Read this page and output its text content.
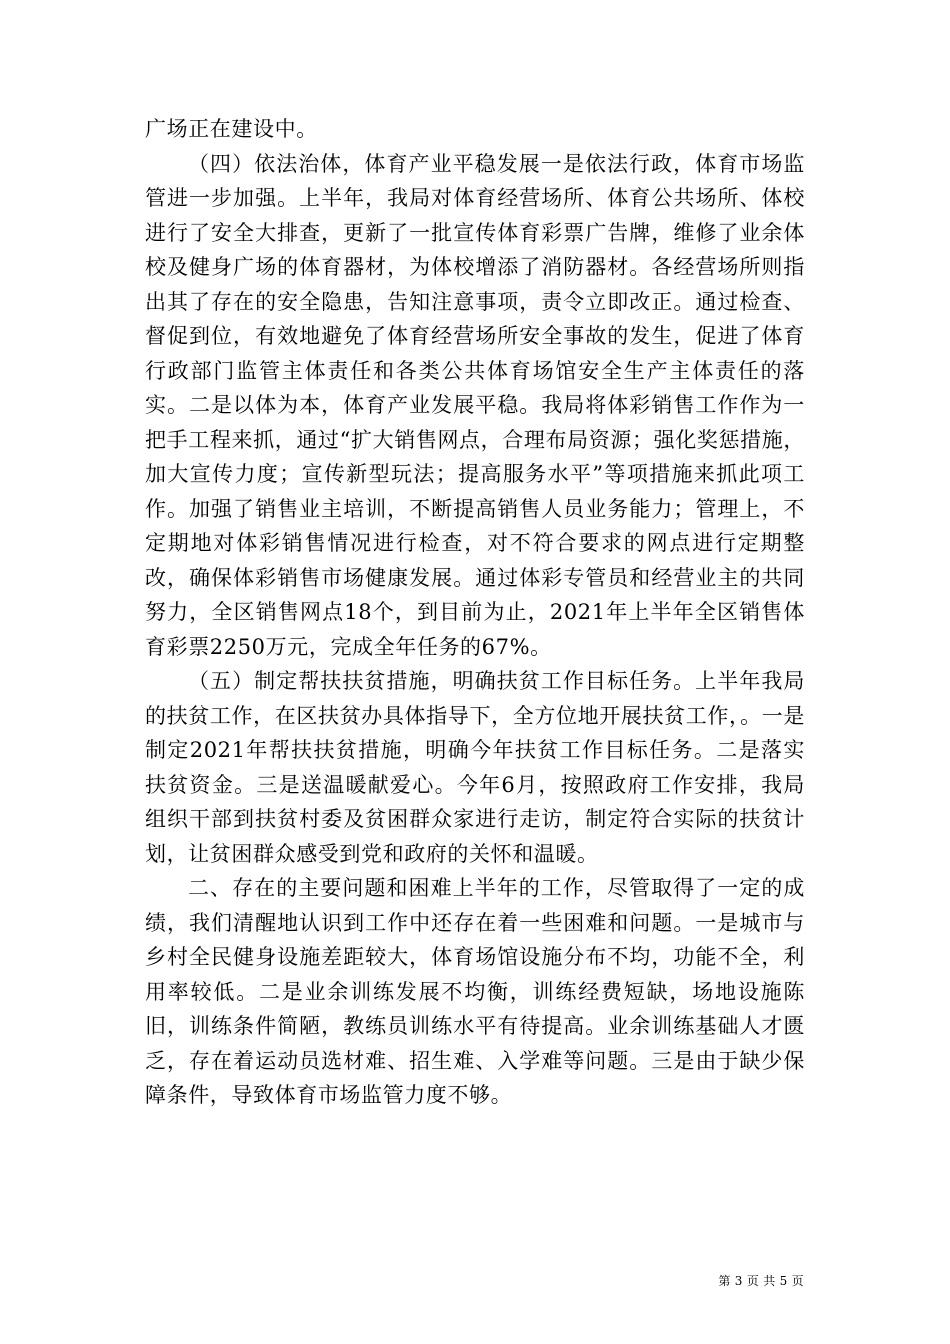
广场正在建设中。

（四）依法治体，体育产业平稳发展一是依法行政，体育市场监管进一步加强。上半年，我局对体育经营场所、体育公共场所、体校进行了安全大排查，更新了一批宣传体育彩票广告牌，维修了业余体校及健身广场的体育器材，为体校增添了消防器材。各经营场所则指出其了存在的安全隐患，告知注意事项，责令立即改正。通过检查、督促到位，有效地避免了体育经营场所安全事故的发生，促进了体育行政部门监管主体责任和各类公共体育场馆安全生产主体责任的落实。二是以体为本，体育产业发展平稳。我局将体彩销售工作作为一把手工程来抓，通过“扩大销售网点，合理布局资源；强化奖惩措施，加大宣传力度；宣传新型玩法；提高服务水平”等项措施来抓此项工作。加强了销售业主培训，不断提高销售人员业务能力；管理上，不定期地对体彩销售情况进行检查，对不符合要求的网点进行定期整改，确保体彩销售市场健康发展。通过体彩专管员和经营业主的共同努力，全区销售网点18个，到目前为止，2021年上半年全区销售体育彩票2250万元，完成全年任务的67%。

（五）制定帮扶扶贫措施，明确扶贫工作目标任务。上半年我局的扶贫工作，在区扶贫办具体指导下，全方位地开展扶贫工作，。一是制定2021年帮扶扶贫措施，明确今年扶贫工作目标任务。二是落实扶贫资金。三是送温暖献爱心。今年6月，按照政府工作安排，我局组织干部到扶贫村委及贫困群众家进行走访，制定符合实际的扶贫计划，让贫困群众感受到党和政府的关怀和温暖。

二、存在的主要问题和困难上半年的工作，尽管取得了一定的成绩，我们清醒地认识到工作中还存在着一些困难和问题。一是城市与乡村全民健身设施差距较大，体育场馆设施分布不均，功能不全，利用率较低。二是业余训练发展不均衡，训练经费短缺，场地设施陈旧，训练条件简陋，教练员训练水平有待提高。业余训练基础人才匮乏，存在着运动员选材难、招生难、入学难等问题。三是由于缺少保障条件，导致体育市场监管力度不够。

第 3 页 共 5 页
